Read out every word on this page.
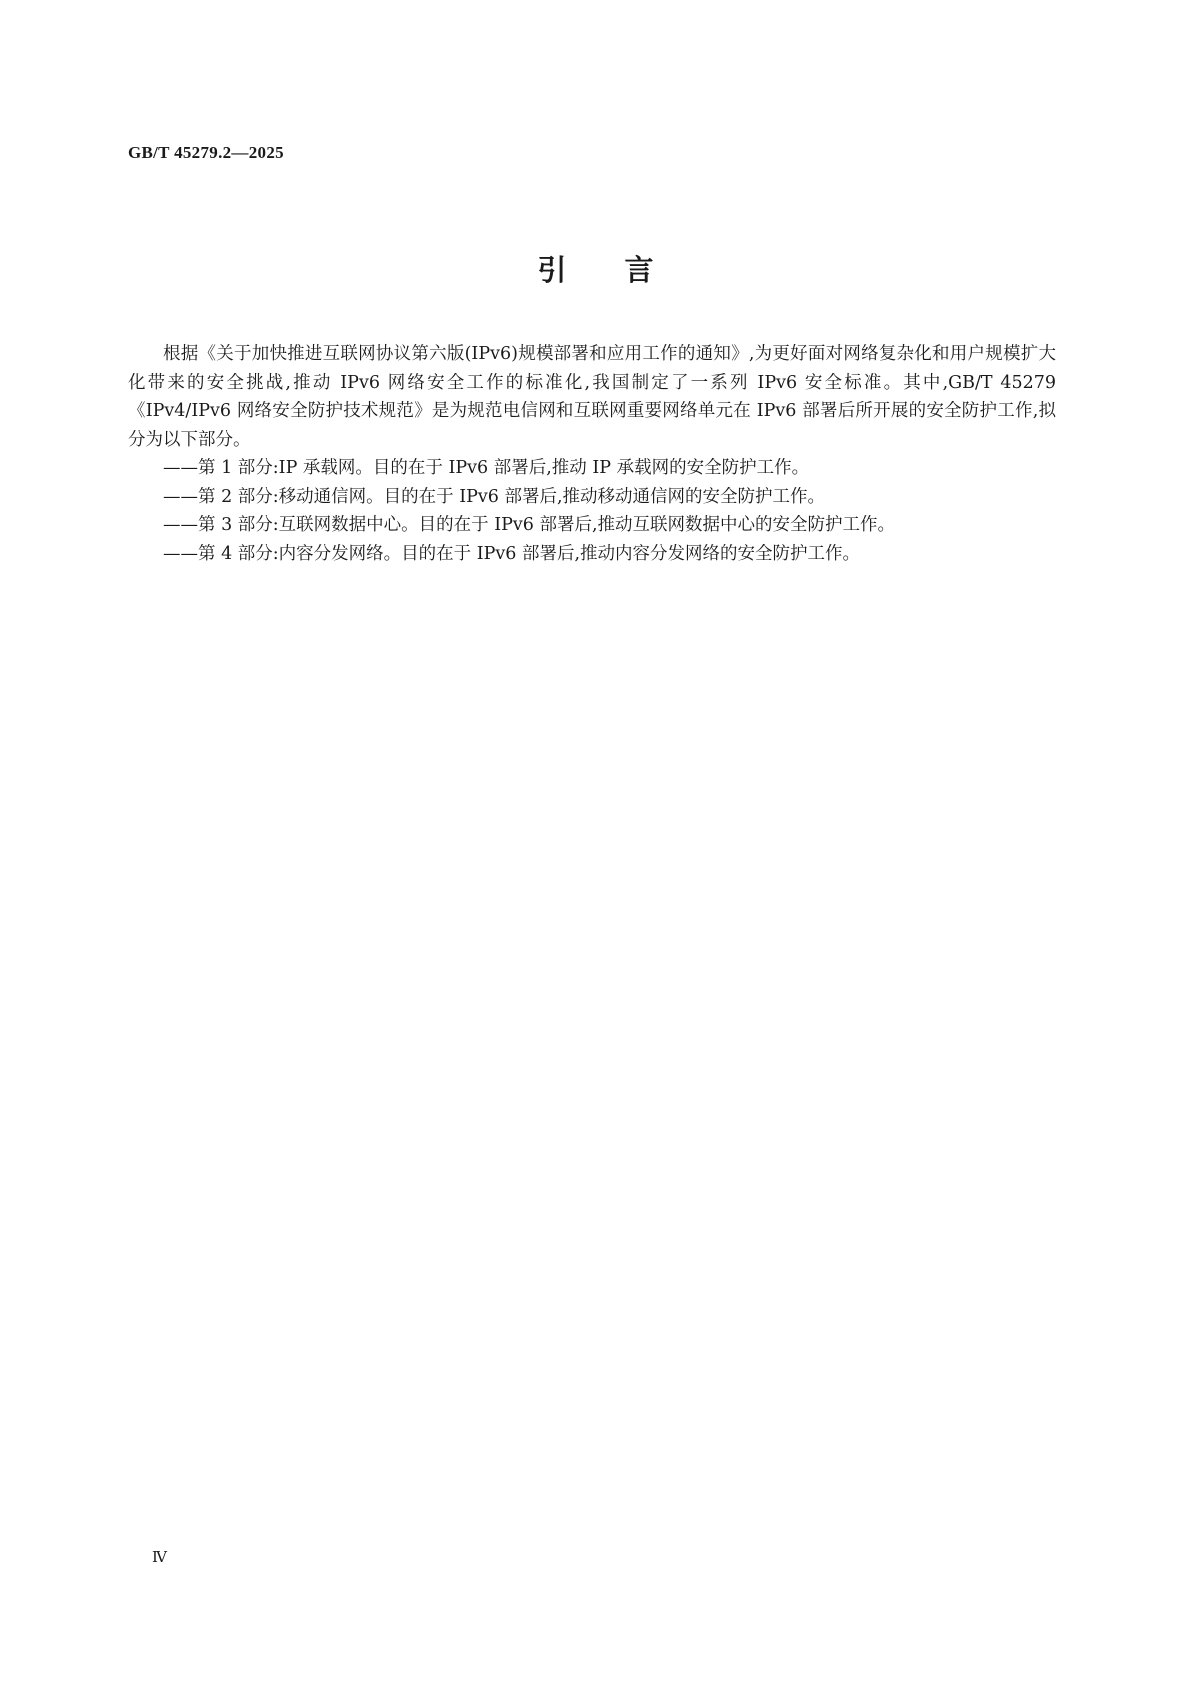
GB/T 45279.2—2025
引 言

根据《关于加快推进互联网协议第六版(IPv6)规模部署和应用工作的通知》,为更好面对网络复杂化和用户规模扩大化带来的安全挑战,推动 IPv6 网络安全工作的标准化,我国制定了一系列 IPv6 安全标准。其中,GB/T 45279《IPv4/IPv6 网络安全防护技术规范》是为规范电信网和互联网重要网络单元在 IPv6 部署后所开展的安全防护工作,拟分为以下部分。

——第 1 部分:IP 承载网。目的在于 IPv6 部署后,推动 IP 承载网的安全防护工作。

——第 2 部分:移动通信网。目的在于 IPv6 部署后,推动移动通信网的安全防护工作。

——第 3 部分:互联网数据中心。目的在于 IPv6 部署后,推动互联网数据中心的安全防护工作。

——第 4 部分:内容分发网络。目的在于 IPv6 部署后,推动内容分发网络的安全防护工作。

Ⅳ
